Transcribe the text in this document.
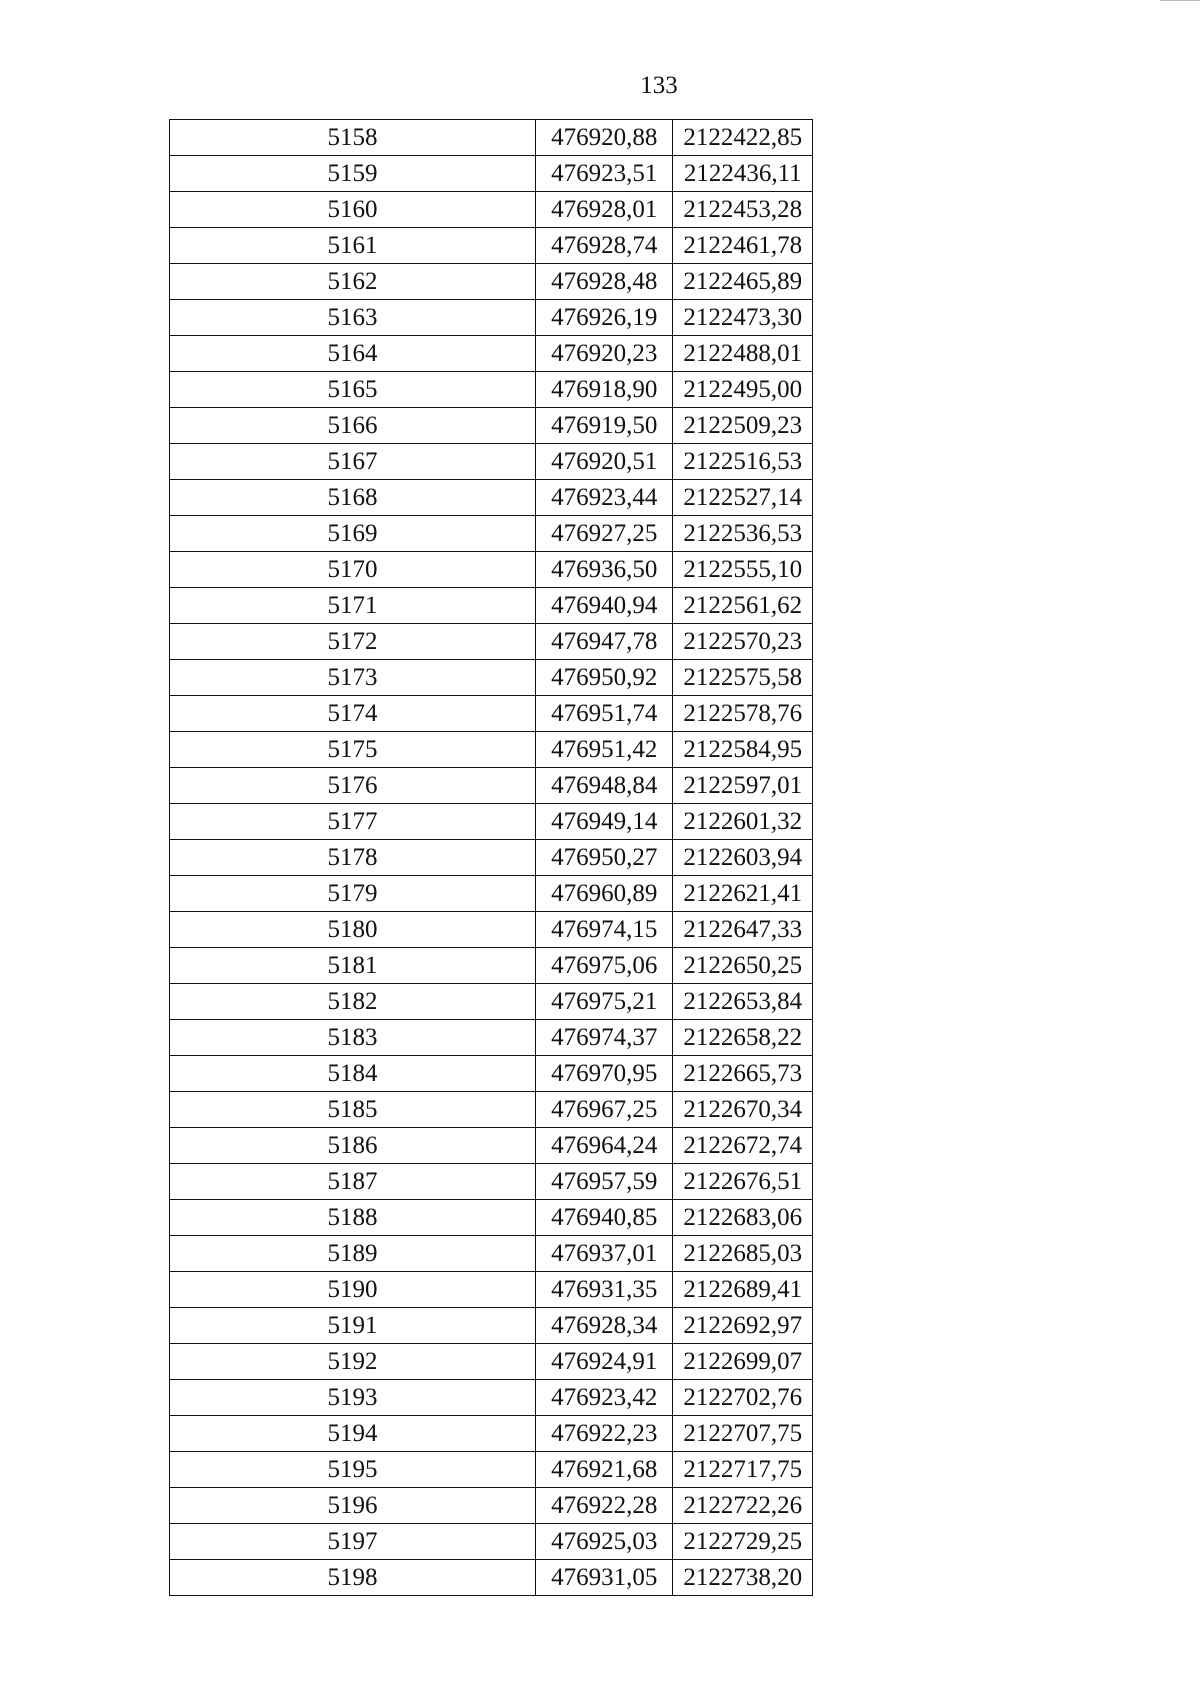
133
5158	476920,88	2122422,85
5159	476923,51	2122436,11
5160	476928,01	2122453,28
5161	476928,74	2122461,78
5162	476928,48	2122465,89
5163	476926,19	2122473,30
5164	476920,23	2122488,01
5165	476918,90	2122495,00
5166	476919,50	2122509,23
5167	476920,51	2122516,53
5168	476923,44	2122527,14
5169	476927,25	2122536,53
5170	476936,50	2122555,10
5171	476940,94	2122561,62
5172	476947,78	2122570,23
5173	476950,92	2122575,58
5174	476951,74	2122578,76
5175	476951,42	2122584,95
5176	476948,84	2122597,01
5177	476949,14	2122601,32
5178	476950,27	2122603,94
5179	476960,89	2122621,41
5180	476974,15	2122647,33
5181	476975,06	2122650,25
5182	476975,21	2122653,84
5183	476974,37	2122658,22
5184	476970,95	2122665,73
5185	476967,25	2122670,34
5186	476964,24	2122672,74
5187	476957,59	2122676,51
5188	476940,85	2122683,06
5189	476937,01	2122685,03
5190	476931,35	2122689,41
5191	476928,34	2122692,97
5192	476924,91	2122699,07
5193	476923,42	2122702,76
5194	476922,23	2122707,75
5195	476921,68	2122717,75
5196	476922,28	2122722,26
5197	476925,03	2122729,25
5198	476931,05	2122738,20
